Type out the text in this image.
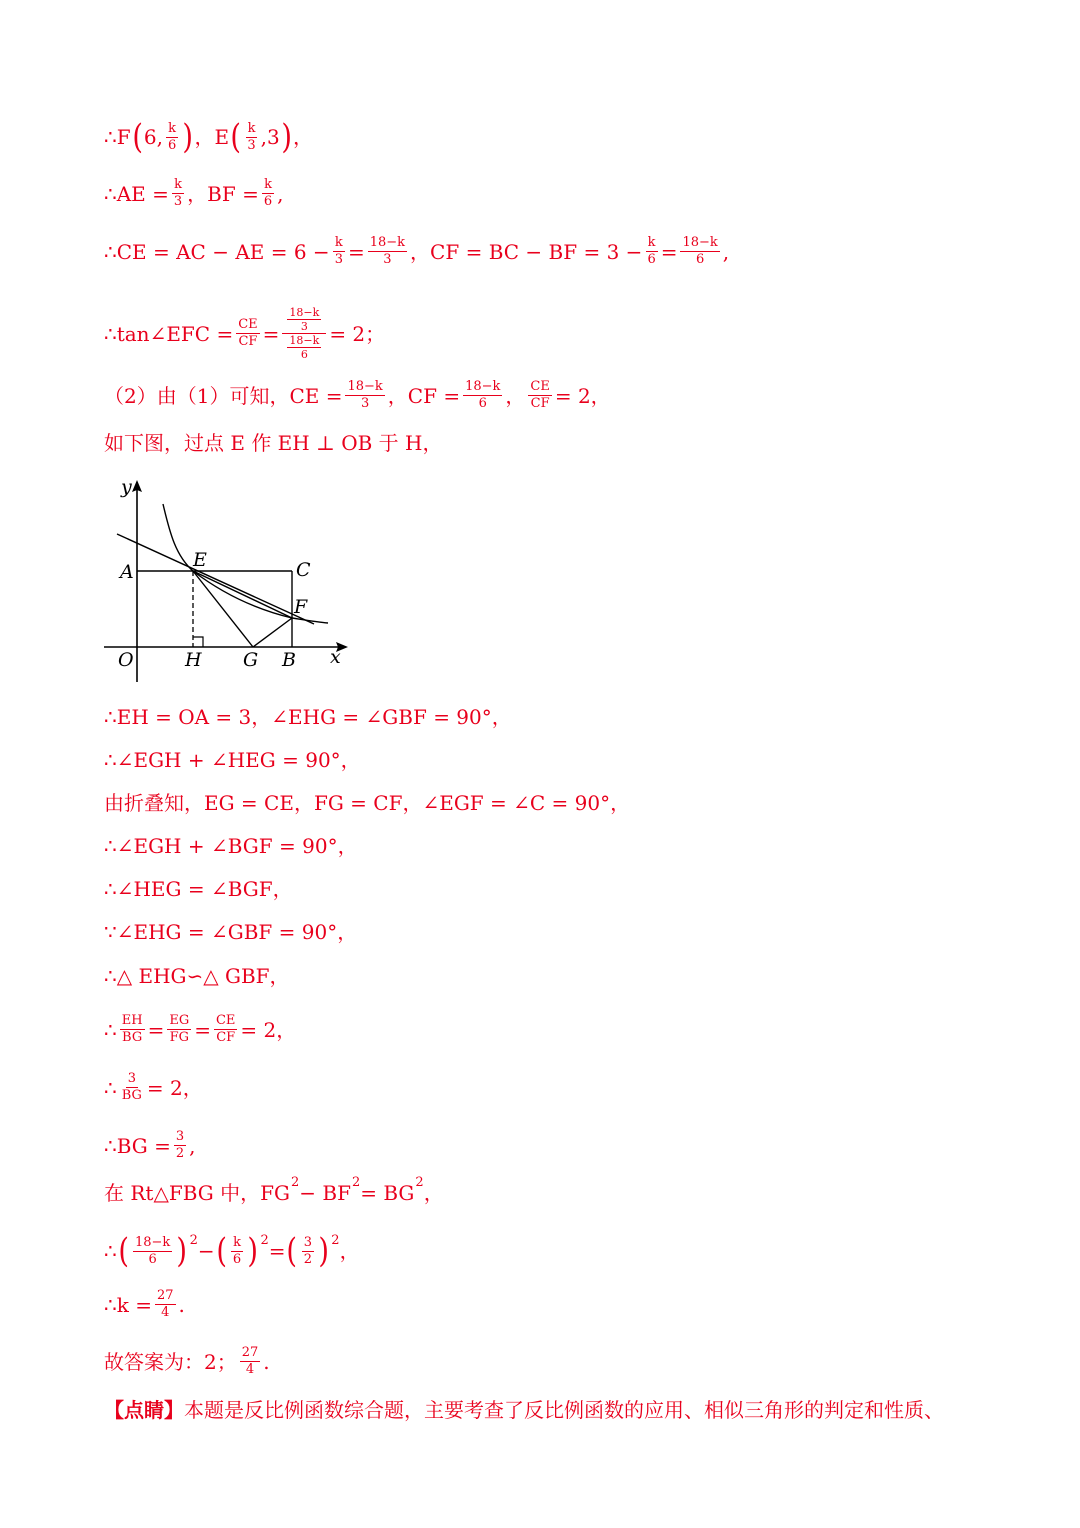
∴F ( 6, $\frac{k}{6}$ ) ，E ( $\frac{k}{3} ,3$ ) ，
∴AE = $\frac{k}{3}$ ，BF = $\frac{k}{6}$ ,
∴CE = AC − AE = $6 - \frac{k}{3} = \frac{18-k}{3}$ ，CF = BC − BF = $3 - \frac{k}{6} = \frac{18-k}{6}$ ,
∴tan∠EFC = $\frac{CE}{CF} = \frac{\frac{18-k}{3}}{\frac{18-k}{6}} = 2$；
（2）由（1）可知，CE = $\frac{18-k}{3}$ ，CF = $\frac{18-k}{6}$ ， $\frac{CE}{CF} = 2$，
如下图，过点 E 作 EH ⊥ OB 于 H，
y
x
O
A
E	C
F
H G B
∴EH = OA = 3，∠EHG = ∠GBF = 90°，
∴∠EGH + ∠HEG = 90°，
由折叠知，EG = CE，FG = CF，∠EGF = ∠C = 90°，
∴∠EGH + ∠BGF = 90°，
∴∠HEG = ∠BGF，
∵∠EHG = ∠GBF = 90°，
∴△ EHG∽△ GBF，
∴ $\frac{EH}{BG} = \frac{EG}{FG} = \frac{CE}{CF} = 2$，
∴ $\frac{3}{BG} = 2$，
∴BG = $\frac{3}{2}$ ,
在 Rt△FBG 中，FG 2 − BF 2 = BG 2 ，
∴ ( $\frac{18-k}{6}$ ) 2 − ( $\frac{k}{6}$ ) 2 = ( $\frac{3}{2}$ ) 2 ，
∴k = $\frac{27}{4}$ .
故答案为：2； $\frac{27}{4}$ .
【点睛】 本题是反比例函数综合题，主要考查了反比例函数的应用、相似三角形的判定和性质、
